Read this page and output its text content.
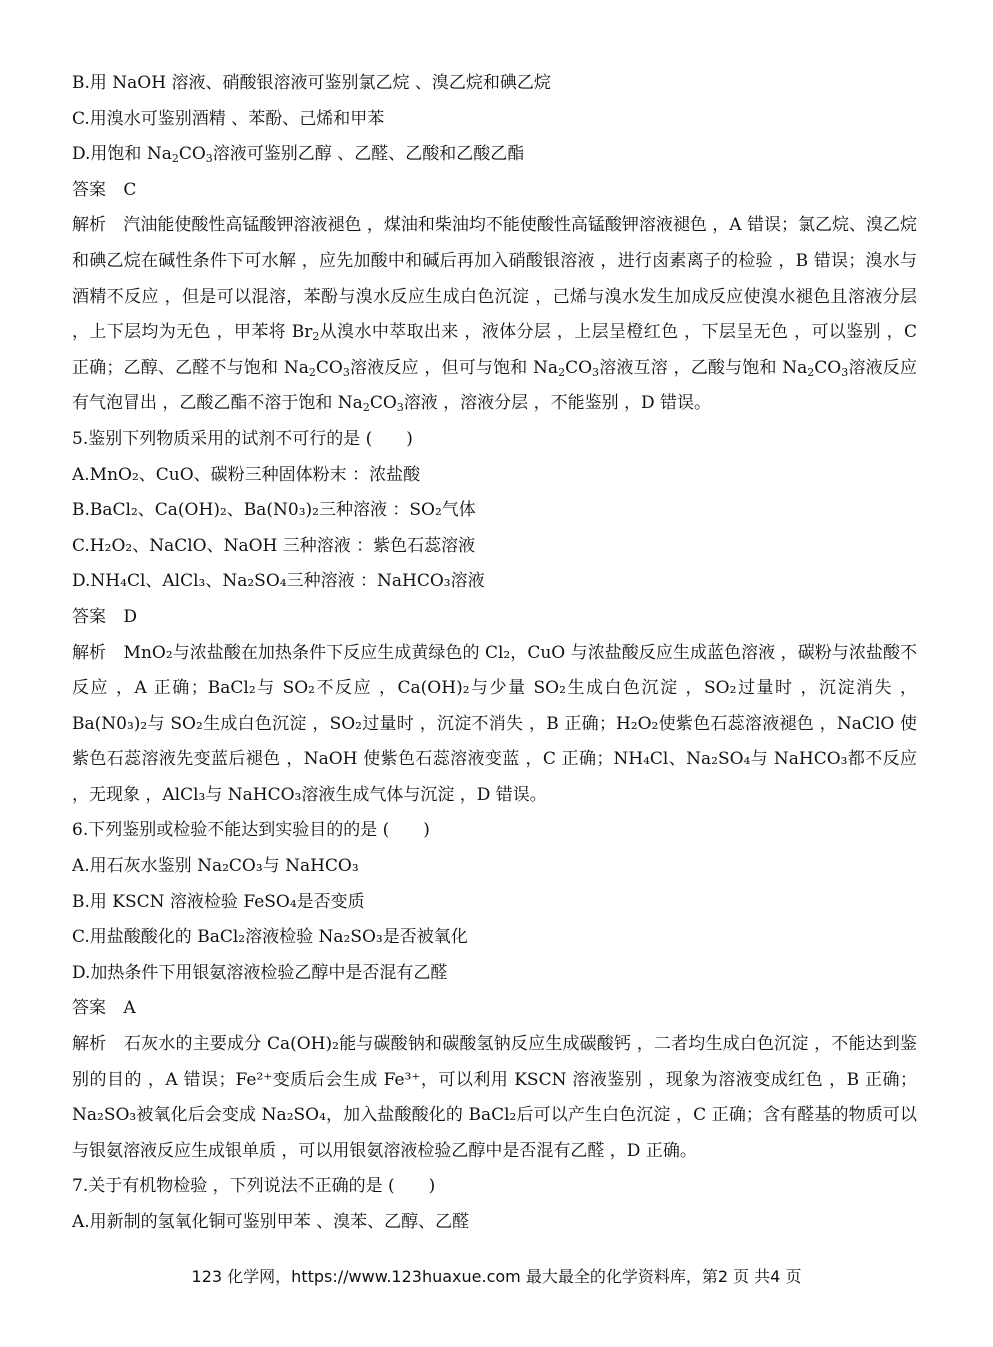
B.用 NaOH 溶液、硝酸银溶液可鉴别氯乙烷 、溴乙烷和碘乙烷
C.用溴水可鉴别酒精 、苯酚、己烯和甲苯
D.用饱和 $Na_2CO_3$溶液可鉴别乙醇 、乙醛、乙酸和乙酸乙酯
答案 C
解析 汽油能使酸性高锰酸钾溶液褪色 ，煤油和柴油均不能使酸性高锰酸钾溶液褪色 ，A 错误；氯乙烷、溴乙烷和碘乙烷在碱性条件下可水解 ，应先加酸中和碱后再加入硝酸银溶液 ，进行卤素离子的检验 ，B 错误；溴水与酒精不反应 ，但是可以混溶，苯酚与溴水反应生成白色沉淀 ，己烯与溴水发生加成反应使溴水褪色且溶液分层 ，上下层均为无色 ，甲苯将 $Br_2$从溴水中萃取出来 ，液体分层 ，上层呈橙红色 ，下层呈无色 ，可以鉴别 ，C 正确；乙醇、乙醛不与饱和 $Na_2CO_3$溶液反应 ，但可与饱和 $Na_2CO_3$溶液互溶 ，乙酸与饱和 $Na_2CO_3$溶液反应有气泡冒出 ，乙酸乙酯不溶于饱和 $Na_2CO_3$溶液 ，溶液分层 ，不能鉴别 ，D 错误。
5.鉴别下列物质采用的试剂不可行的是 (　　)
A.MnO₂、CuO、碳粉三种固体粉末 ：浓盐酸
B.BaCl₂、Ca(OH)₂、Ba(N0₃)₂三种溶液 ：SO₂气体
C.H₂O₂、NaClO、NaOH 三种溶液 ：紫色石蕊溶液
D.NH₄Cl、AlCl₃、Na₂SO₄三种溶液 ：NaHCO₃溶液
答案 D
解析 MnO₂与浓盐酸在加热条件下反应生成黄绿色的 Cl₂，CuO 与浓盐酸反应生成蓝色溶液 ，碳粉与浓盐酸不反应 ，A 正确；BaCl₂与 SO₂不反应 ，Ca(OH)₂与少量 SO₂生成白色沉淀 ，SO₂过量时 ，沉淀消失 ，Ba(N0₃)₂与 SO₂生成白色沉淀 ，SO₂过量时 ，沉淀不消失 ，B 正确；H₂O₂使紫色石蕊溶液褪色 ，NaClO 使紫色石蕊溶液先变蓝后褪色 ，NaOH 使紫色石蕊溶液变蓝 ，C 正确；NH₄Cl、Na₂SO₄与 NaHCO₃都不反应 ，无现象 ，AlCl₃与 NaHCO₃溶液生成气体与沉淀 ，D 错误。
6.下列鉴别或检验不能达到实验目的的是 (　　)
A.用石灰水鉴别 Na₂CO₃与 NaHCO₃
B.用 KSCN 溶液检验 FeSO₄是否变质
C.用盐酸酸化的 BaCl₂溶液检验 Na₂SO₃是否被氧化
D.加热条件下用银氨溶液检验乙醇中是否混有乙醛
答案 A
解析 石灰水的主要成分 Ca(OH)₂能与碳酸钠和碳酸氢钠反应生成碳酸钙 ，二者均生成白色沉淀 ，不能达到鉴别的目的 ，A 错误；Fe²⁺变质后会生成 Fe³⁺，可以利用 KSCN 溶液鉴别 ，现象为溶液变成红色 ，B 正确；Na₂SO₃被氧化后会变成 Na₂SO₄，加入盐酸酸化的 BaCl₂后可以产生白色沉淀 ，C 正确；含有醛基的物质可以与银氨溶液反应生成银单质 ，可以用银氨溶液检验乙醇中是否混有乙醛 ，D 正确。
7.关于有机物检验 ，下列说法不正确的是 (　　)
A.用新制的氢氧化铜可鉴别甲苯 、溴苯、乙醇、乙醛
123 化学网，https://www.123huaxue.com 最大最全的化学资料库，第2 页 共4 页
